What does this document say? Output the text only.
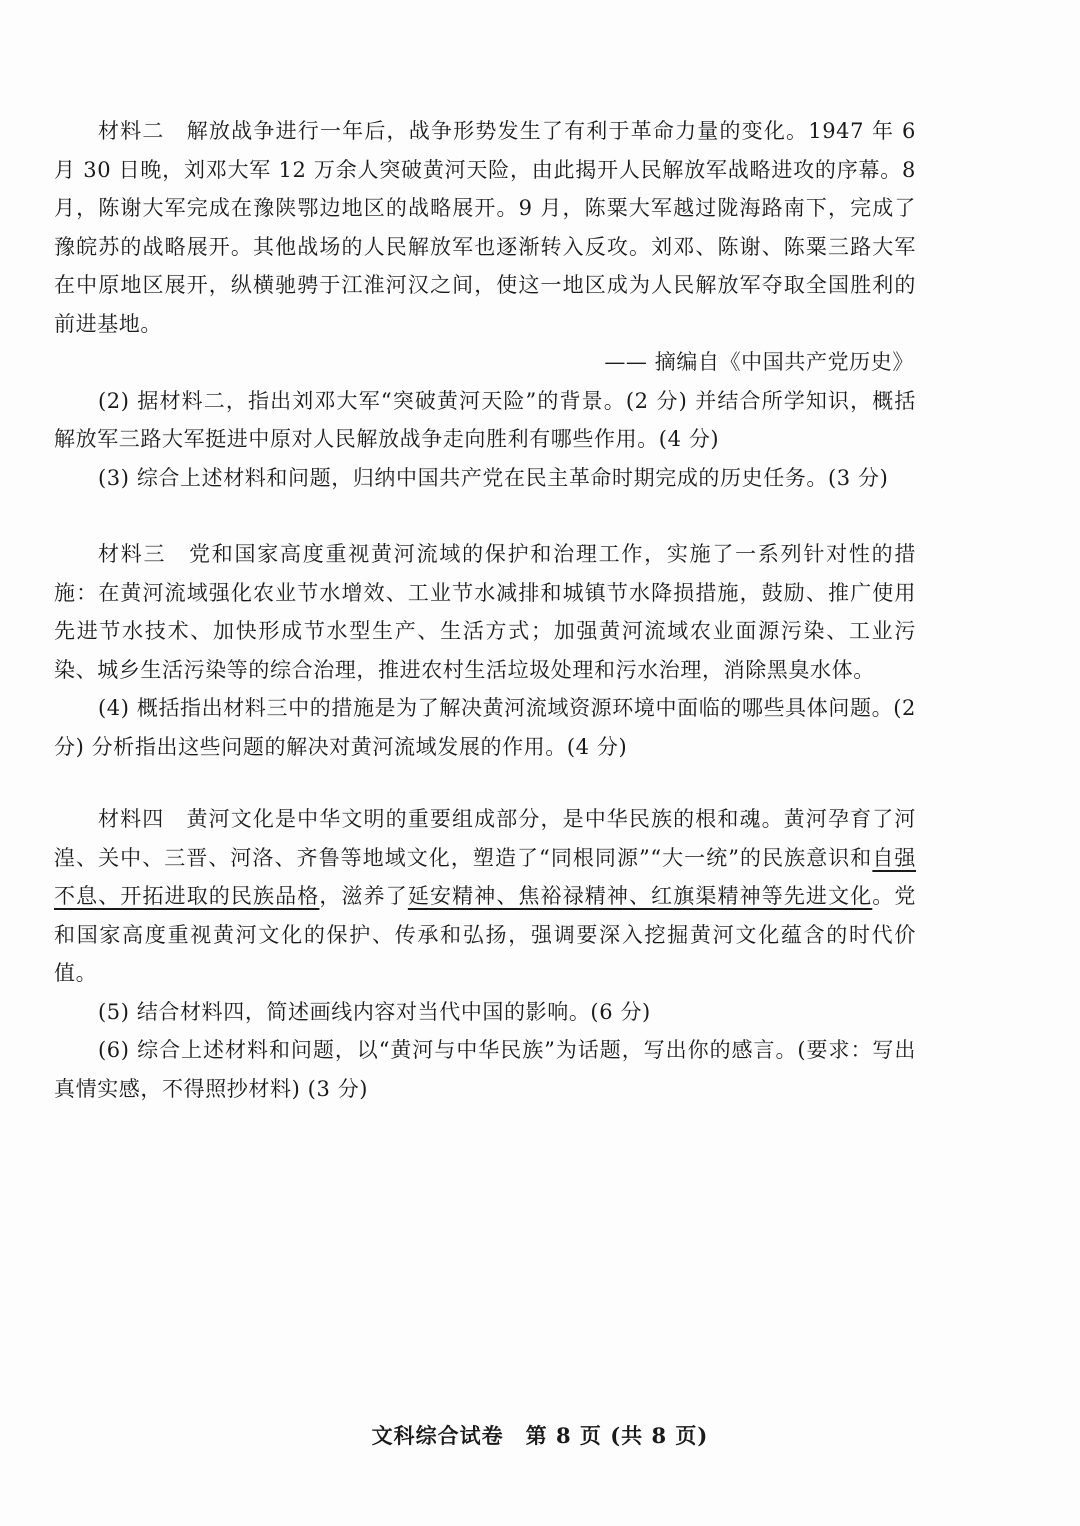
材料二　 解放战争进行一年后，战争形势发生了有利于革命力量的变化。1947 年 6 月 30 日晚，刘邓大军 12 万余人突破黄河天险，由此揭开人民解放军战略进攻的序幕。8 月，陈谢大军完成在豫陕鄂边地区的战略展开。9 月，陈粟大军越过陇海路南下，完成了豫皖苏的战略展开。其他战场的人民解放军也逐渐转入反攻。刘邓、陈谢、陈粟三路大军在中原地区展开，纵横驰骋于江淮河汉之间，使这一地区成为人民解放军夺取全国胜利的前进基地。

—— 摘编自《中国共产党历史》

(2) 据材料二，指出刘邓大军“突破黄河天险”的背景。(2 分) 并结合所学知识，概括解放军三路大军挺进中原对人民解放战争走向胜利有哪些作用。(4 分)

(3) 综合上述材料和问题，归纳中国共产党在民主革命时期完成的历史任务。(3 分)

材料三　 党和国家高度重视黄河流域的保护和治理工作，实施了一系列针对性的措施：在黄河流域强化农业节水增效、工业节水减排和城镇节水降损措施，鼓励、推广使用先进节水技术、加快形成节水型生产、生活方式；加强黄河流域农业面源污染、工业污染、城乡生活污染等的综合治理，推进农村生活垃圾处理和污水治理，消除黑臭水体。

(4) 概括指出材料三中的措施是为了解决黄河流域资源环境中面临的哪些具体问题。(2 分) 分析指出这些问题的解决对黄河流域发展的作用。(4 分)

材料四　 黄河文化是中华文明的重要组成部分，是中华民族的根和魂。黄河孕育了河湟、关中、三晋、河洛、齐鲁等地域文化，塑造了“同根同源”“大一统”的民族意识和自强不息、开拓进取的民族品格，滋养了延安精神、焦裕禄精神、红旗渠精神等先进文化。党和国家高度重视黄河文化的保护、传承和弘扬，强调要深入挖掘黄河文化蕴含的时代价值。

(5) 结合材料四，简述画线内容对当代中国的影响。(6 分)

(6) 综合上述材料和问题，以“黄河与中华民族”为话题，写出你的感言。(要求：写出真情实感，不得照抄材料) (3 分)

文科综合试卷　第 8 页 (共 8 页)
